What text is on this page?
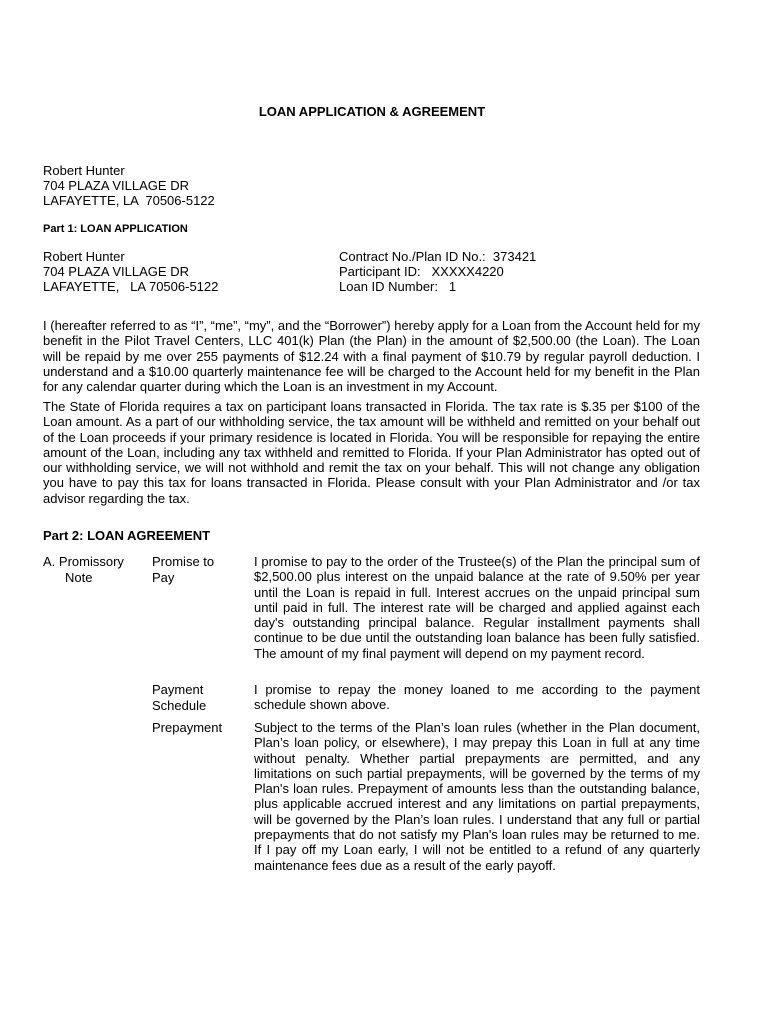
LOAN APPLICATION & AGREEMENT
Robert Hunter
704 PLAZA VILLAGE DR
LAFAYETTE, LA  70506-5122
Part 1: LOAN APPLICATION
Robert Hunter
704 PLAZA VILLAGE DR
LAFAYETTE,   LA 70506-5122
Contract No./Plan ID No.:  373421
Participant ID:   XXXXX4220
Loan ID Number:   1
I (hereafter referred to as “I”, “me”, “my”, and the “Borrower”) hereby apply for a Loan from the Account held for my benefit in the Pilot Travel Centers, LLC 401(k) Plan (the Plan) in the amount of $2,500.00 (the Loan). The Loan will be repaid by me over 255 payments of $12.24 with a final payment of $10.79 by regular payroll deduction. I understand and a $10.00 quarterly maintenance fee will be charged to the Account held for my benefit in the Plan for any calendar quarter during which the Loan is an investment in my Account.
The State of Florida requires a tax on participant loans transacted in Florida. The tax rate is $.35 per $100 of the Loan amount. As a part of our withholding service, the tax amount will be withheld and remitted on your behalf out of the Loan proceeds if your primary residence is located in Florida. You will be responsible for repaying the entire amount of the Loan, including any tax withheld and remitted to Florida. If your Plan Administrator has opted out of our withholding service, we will not withhold and remit the tax on your behalf. This will not change any obligation you have to pay this tax for loans transacted in Florida. Please consult with your Plan Administrator and /or tax advisor regarding the tax.
Part 2: LOAN AGREEMENT
A. Promissory
Note
Promise to
Pay
I promise to pay to the order of the Trustee(s) of the Plan the principal sum of $2,500.00 plus interest on the unpaid balance at the rate of 9.50% per year until the Loan is repaid in full. Interest accrues on the unpaid principal sum until paid in full. The interest rate will be charged and applied against each day's outstanding principal balance. Regular installment payments shall continue to be due until the outstanding loan balance has been fully satisfied. The amount of my final payment will depend on my payment record.
Payment
Schedule
I promise to repay the money loaned to me according to the payment schedule shown above.
Prepayment Subject to the terms of the Plan’s loan rules (whether in the Plan document, Plan’s loan policy, or elsewhere), I may prepay this Loan in full at any time without penalty. Whether partial prepayments are permitted, and any limitations on such partial prepayments, will be governed by the terms of my Plan's loan rules. Prepayment of amounts less than the outstanding balance, plus applicable accrued interest and any limitations on partial prepayments, will be governed by the Plan’s loan rules. I understand that any full or partial prepayments that do not satisfy my Plan's loan rules may be returned to me. If I pay off my Loan early, I will not be entitled to a refund of any quarterly maintenance fees due as a result of the early payoff.
